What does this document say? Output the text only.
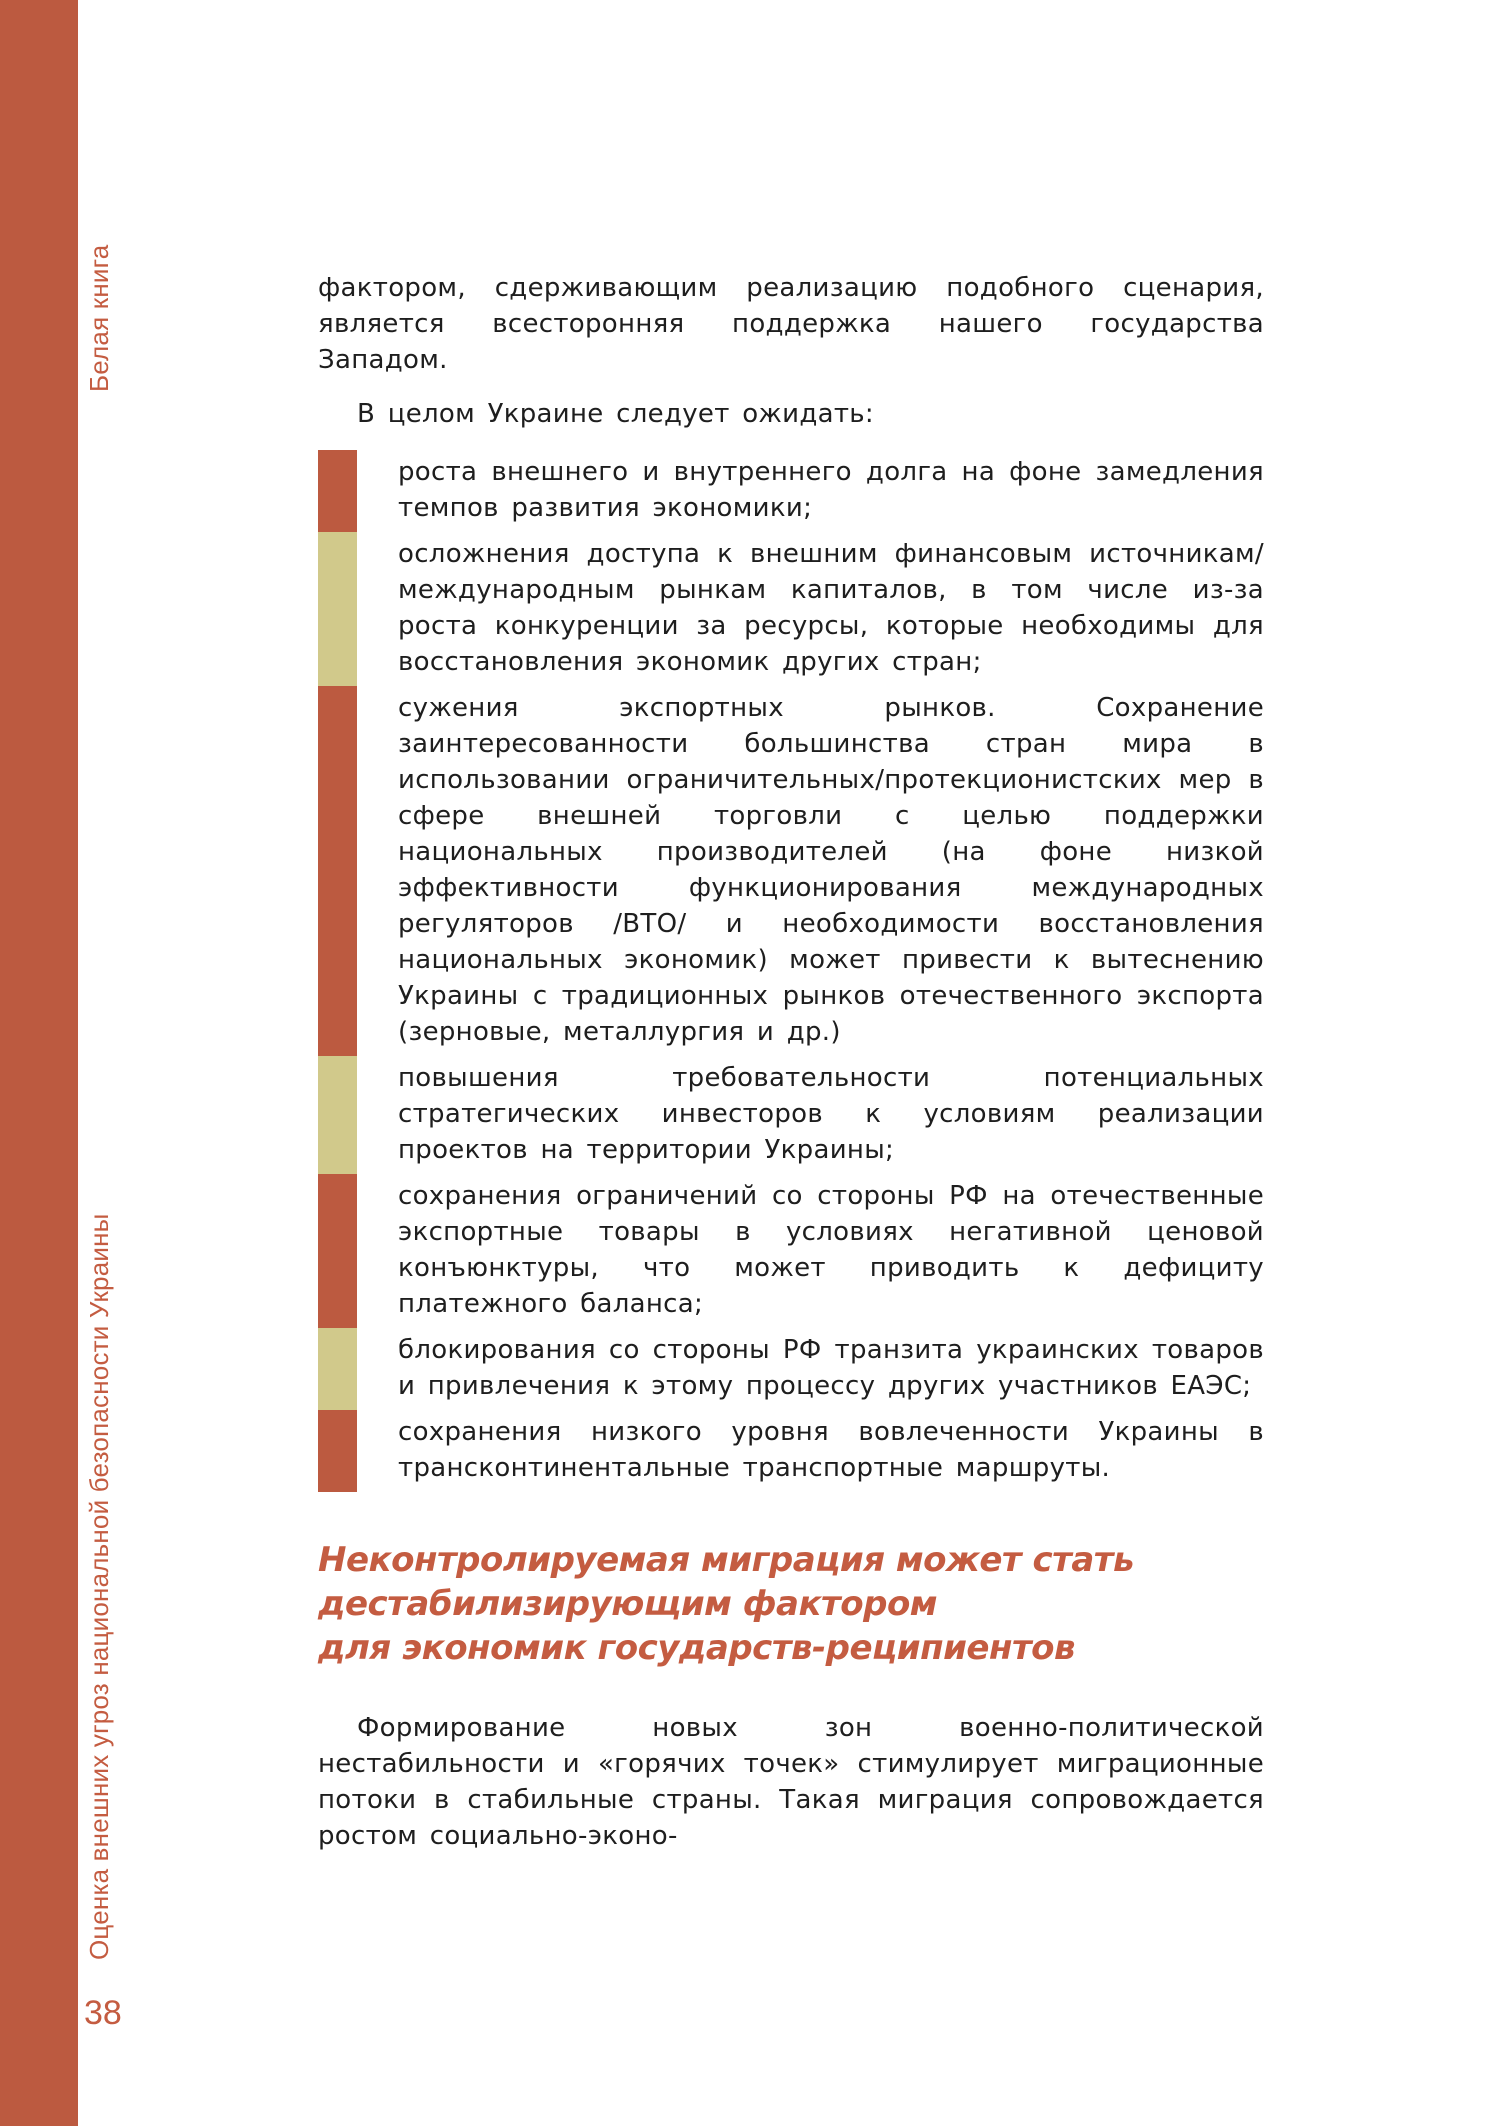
Белая книга
Оценка внешних угроз национальной безопасности Украины
38

фактором, сдерживающим реализацию подобного сценария, является всесторонняя поддержка нашего государства Западом.

В целом Украине следует ожидать:

роста внешнего и внутреннего долга на фоне замедления темпов развития экономики;
осложнения доступа к внешним финансовым источникам/международным рынкам капиталов, в том числе из-за роста конкуренции за ресурсы, которые необходимы для восстановления экономик других стран;
сужения экспортных рынков. Сохранение заинтересованности большинства стран мира в использовании ограничительных/протекционистских мер в сфере внешней торговли с целью поддержки национальных производителей (на фоне низкой эффективности функционирования международных регуляторов /ВТО/ и необходимости восстановления национальных экономик) может привести к вытеснению Украины с традиционных рынков отечественного экспорта (зерновые, металлургия и др.)
повышения требовательности потенциальных стратегических инвесторов к условиям реализации проектов на территории Украины;
сохранения ограничений со стороны РФ на отечественные экспортные товары в условиях негативной ценовой конъюнктуры, что может приводить к дефициту платежного баланса;
блокирования со стороны РФ транзита украинских товаров и привлечения к этому процессу других участников ЕАЭС;
сохранения низкого уровня вовлеченности Украины в трансконтинентальные транспортные маршруты.
Неконтролируемая миграция может стать
дестабилизирующим фактором
для экономик государств-реципиентов

Формирование новых зон военно-политической нестабильности и «горячих точек» стимулирует миграционные потоки в стабильные страны. Такая миграция сопровождается ростом социально-эконо-
